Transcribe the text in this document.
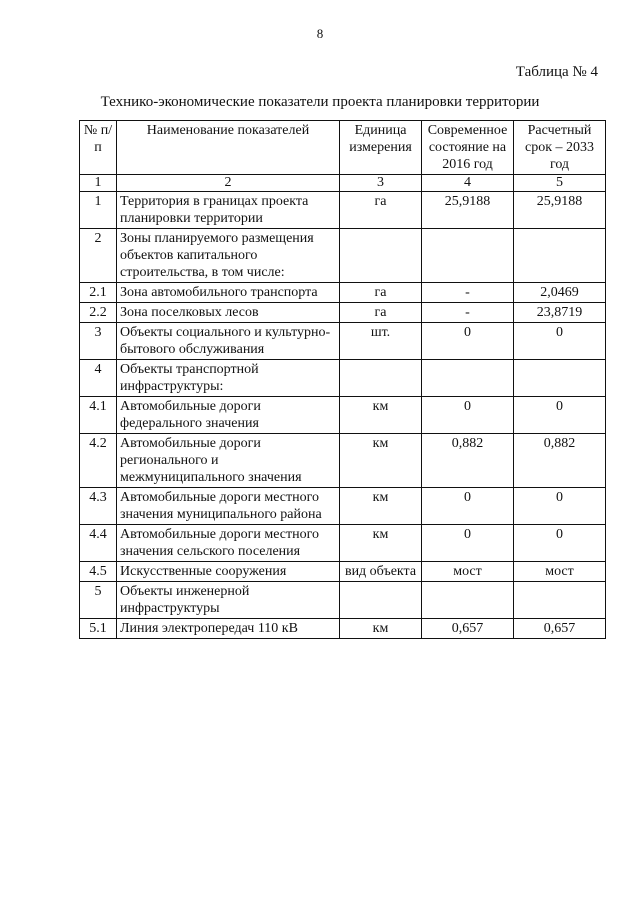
8
Таблица № 4
Технико-экономические показатели проекта планировки территории
№ п/п	Наименование показателей	Единица измерения	Современное состояние на 2016 год	Расчетный срок – 2033 год
1	2	3	4	5
1	Территория в границах проекта планировки территории	га	25,9188	25,9188
2	Зоны планируемого размещения объектов капитального строительства, в том числе:			
2.1	Зона автомобильного транспорта	га	-	2,0469
2.2	Зона поселковых лесов	га	-	23,8719
3	Объекты социального и культурно-бытового обслуживания	шт.	0	0
4	Объекты транспортной инфраструктуры:			
4.1	Автомобильные дороги федерального значения	км	0	0
4.2	Автомобильные дороги регионального и межмуниципального значения	км	0,882	0,882
4.3	Автомобильные дороги местного значения муниципального района	км	0	0
4.4	Автомобильные дороги местного значения сельского поселения	км	0	0
4.5	Искусственные сооружения	вид объекта	мост	мост
5	Объекты инженерной инфраструктуры			
5.1	Линия электропередач 110 кВ	км	0,657	0,657
